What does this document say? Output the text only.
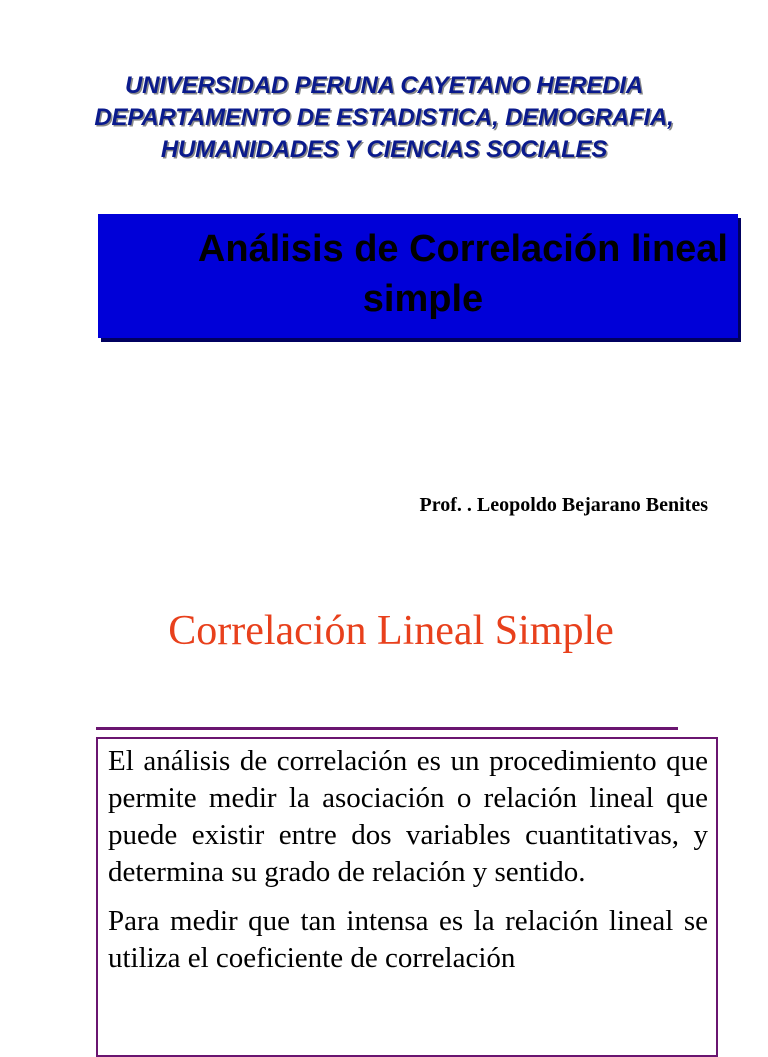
UNIVERSIDAD PERUNA CAYETANO HEREDIA
DEPARTAMENTO DE ESTADISTICA, DEMOGRAFIA,
HUMANIDADES Y CIENCIAS SOCIALES
Análisis de Correlación lineal
simple
Prof. . Leopoldo Bejarano Benites
Correlación Lineal Simple

El análisis de correlación es un procedimiento que permite medir la asociación o relación lineal que puede existir entre dos variables cuantitativas, y determina su grado de relación y sentido.

Para medir que tan intensa es la relación lineal se utiliza el coeficiente de correlación
